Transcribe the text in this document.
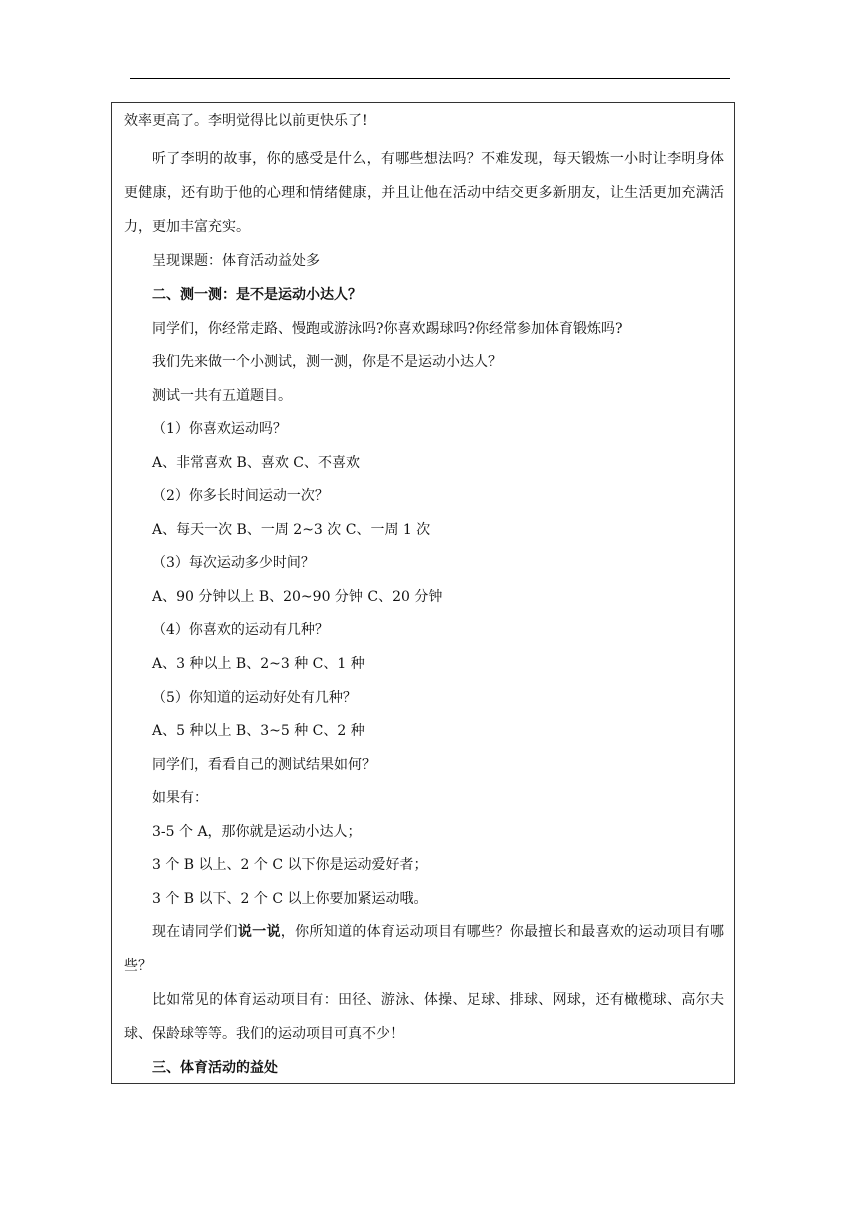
效率更高了。李明觉得比以前更快乐了!
听了李明的故事，你的感受是什么，有哪些想法吗？不难发现，每天锻炼一小时让李明身体更健康，还有助于他的心理和情绪健康，并且让他在活动中结交更多新朋友，让生活更加充满活力，更加丰富充实。
呈现课题：体育活动益处多
二、测一测：是不是运动小达人？
同学们，你经常走路、慢跑或游泳吗?你喜欢踢球吗?你经常参加体育锻炼吗?
我们先来做一个小测试，测一测，你是不是运动小达人？
测试一共有五道题目。
（1）你喜欢运动吗？
A、非常喜欢 B、喜欢 C、不喜欢
（2）你多长时间运动一次？
A、每天一次 B、一周 2~3 次 C、一周 1 次
（3）每次运动多少时间？
A、90 分钟以上 B、20~90 分钟 C、20 分钟
（4）你喜欢的运动有几种？
A、3 种以上 B、2~3 种 C、1 种
（5）你知道的运动好处有几种？
A、5 种以上 B、3~5 种 C、2 种
同学们，看看自己的测试结果如何？
如果有：
3-5 个 A，那你就是运动小达人；
3 个 B 以上、2 个 C 以下你是运动爱好者；
3 个 B 以下、2 个 C 以上你要加紧运动哦。
现在请同学们说一说，你所知道的体育运动项目有哪些？你最擅长和最喜欢的运动项目有哪些？
比如常见的体育运动项目有：田径、游泳、体操、足球、排球、网球，还有橄榄球、高尔夫球、保龄球等等。我们的运动项目可真不少！
三、体育活动的益处
